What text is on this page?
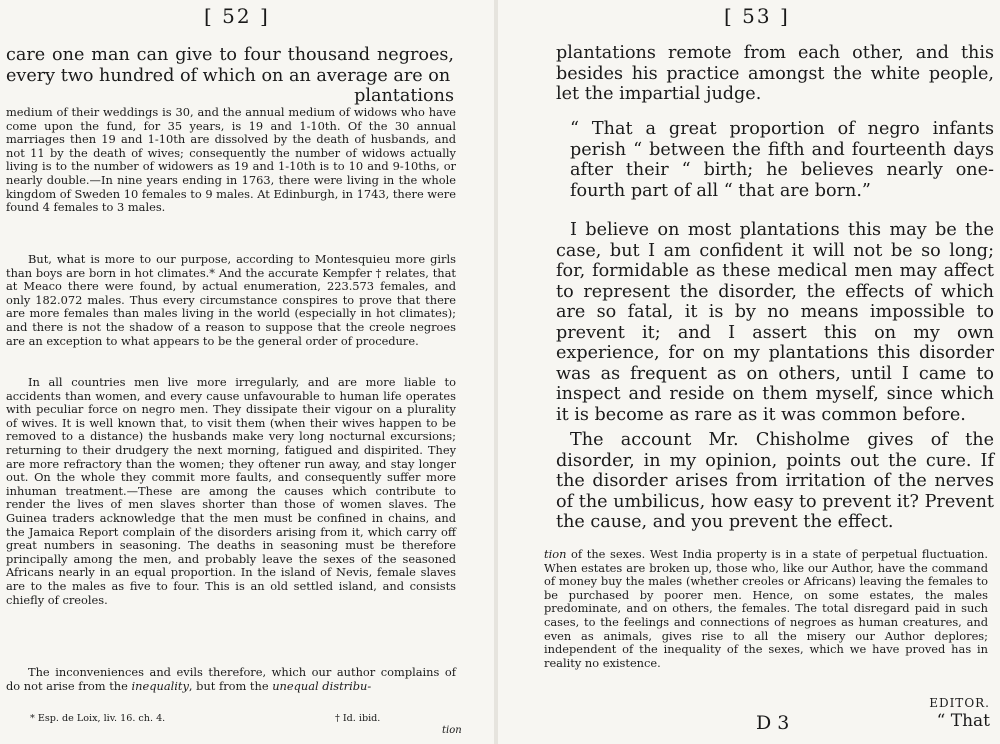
[ 52 ]

care one man can give to four thousand negroes, every two hundred of which on an average are on
plantations

medium of their weddings is 30, and the annual medium of widows who have come upon the fund, for 35 years, is 19 and 1-10th. Of the 30 annual marriages then 19 and 1-10th are dissolved by the death of husbands, and not 11 by the death of wives; consequently the number of widows actually living is to the number of widowers as 19 and 1-10th is to 10 and 9-10ths, or nearly double.—In nine years ending in 1763, there were living in the whole kingdom of Sweden 10 females to 9 males. At Edinburgh, in 1743, there were found 4 females to 3 males.

But, what is more to our purpose, according to Montesquieu more girls than boys are born in hot climates.* And the accurate Kempfer † relates, that at Meaco there were found, by actual enumeration, 223.573 females, and only 182.072 males. Thus every circumstance conspires to prove that there are more females than males living in the world (especially in hot climates); and there is not the shadow of a reason to suppose that the creole negroes are an exception to what appears to be the general order of procedure.

In all countries men live more irregularly, and are more liable to accidents than women, and every cause unfavourable to human life operates with peculiar force on negro men. They dissipate their vigour on a plurality of wives. It is well known that, to visit them (when their wives happen to be removed to a distance) the husbands make very long nocturnal excursions; returning to their drudgery the next morning, fatigued and dispirited. They are more refractory than the women; they oftener run away, and stay longer out. On the whole they commit more faults, and consequently suffer more inhuman treatment.—These are among the causes which contribute to render the lives of men slaves shorter than those of women slaves. The Guinea traders acknowledge that the men must be confined in chains, and the Jamaica Report complain of the disorders arising from it, which carry off great numbers in seasoning. The deaths in seasoning must be therefore principally among the men, and probably leave the sexes of the seasoned Africans nearly in an equal proportion. In the island of Nevis, female slaves are to the males as five to four. This is an old settled island, and consists chiefly of creoles.

The inconveniences and evils therefore, which our author complains of do not arise from the inequality, but from the unequal distribu-

* Esp. de Loix, liv. 16. ch. 4.	† Id. ibid.

tion

[ 53 ]

plantations remote from each other, and this besides his practice amongst the white people, let the impartial judge.

“ That a great proportion of negro infants perish “ between the fifth and fourteenth days after their “ birth; he believes nearly one-fourth part of all “ that are born.”

I believe on most plantations this may be the case, but I am confident it will not be so long; for, formidable as these medical men may affect to represent the disorder, the effects of which are so fatal, it is by no means impossible to prevent it; and I assert this on my own experience, for on my plantations this disorder was as frequent as on others, until I came to inspect and reside on them myself, since which it is become as rare as it was common before.

The account Mr. Chisholme gives of the disorder, in my opinion, points out the cure. If the disorder arises from irritation of the nerves of the umbilicus, how easy to prevent it? Prevent the cause, and you prevent the effect.

tion of the sexes. West India property is in a state of perpetual fluctuation. When estates are broken up, those who, like our Author, have the command of money buy the males (whether creoles or Africans) leaving the females to be purchased by poorer men. Hence, on some estates, the males predominate, and on others, the females. The total disregard paid in such cases, to the feelings and connections of negroes as human creatures, and even as animals, gives rise to all the misery our Author deplores; independent of the inequality of the sexes, which we have proved has in reality no existence.

EDITOR.

D 3	“ That
